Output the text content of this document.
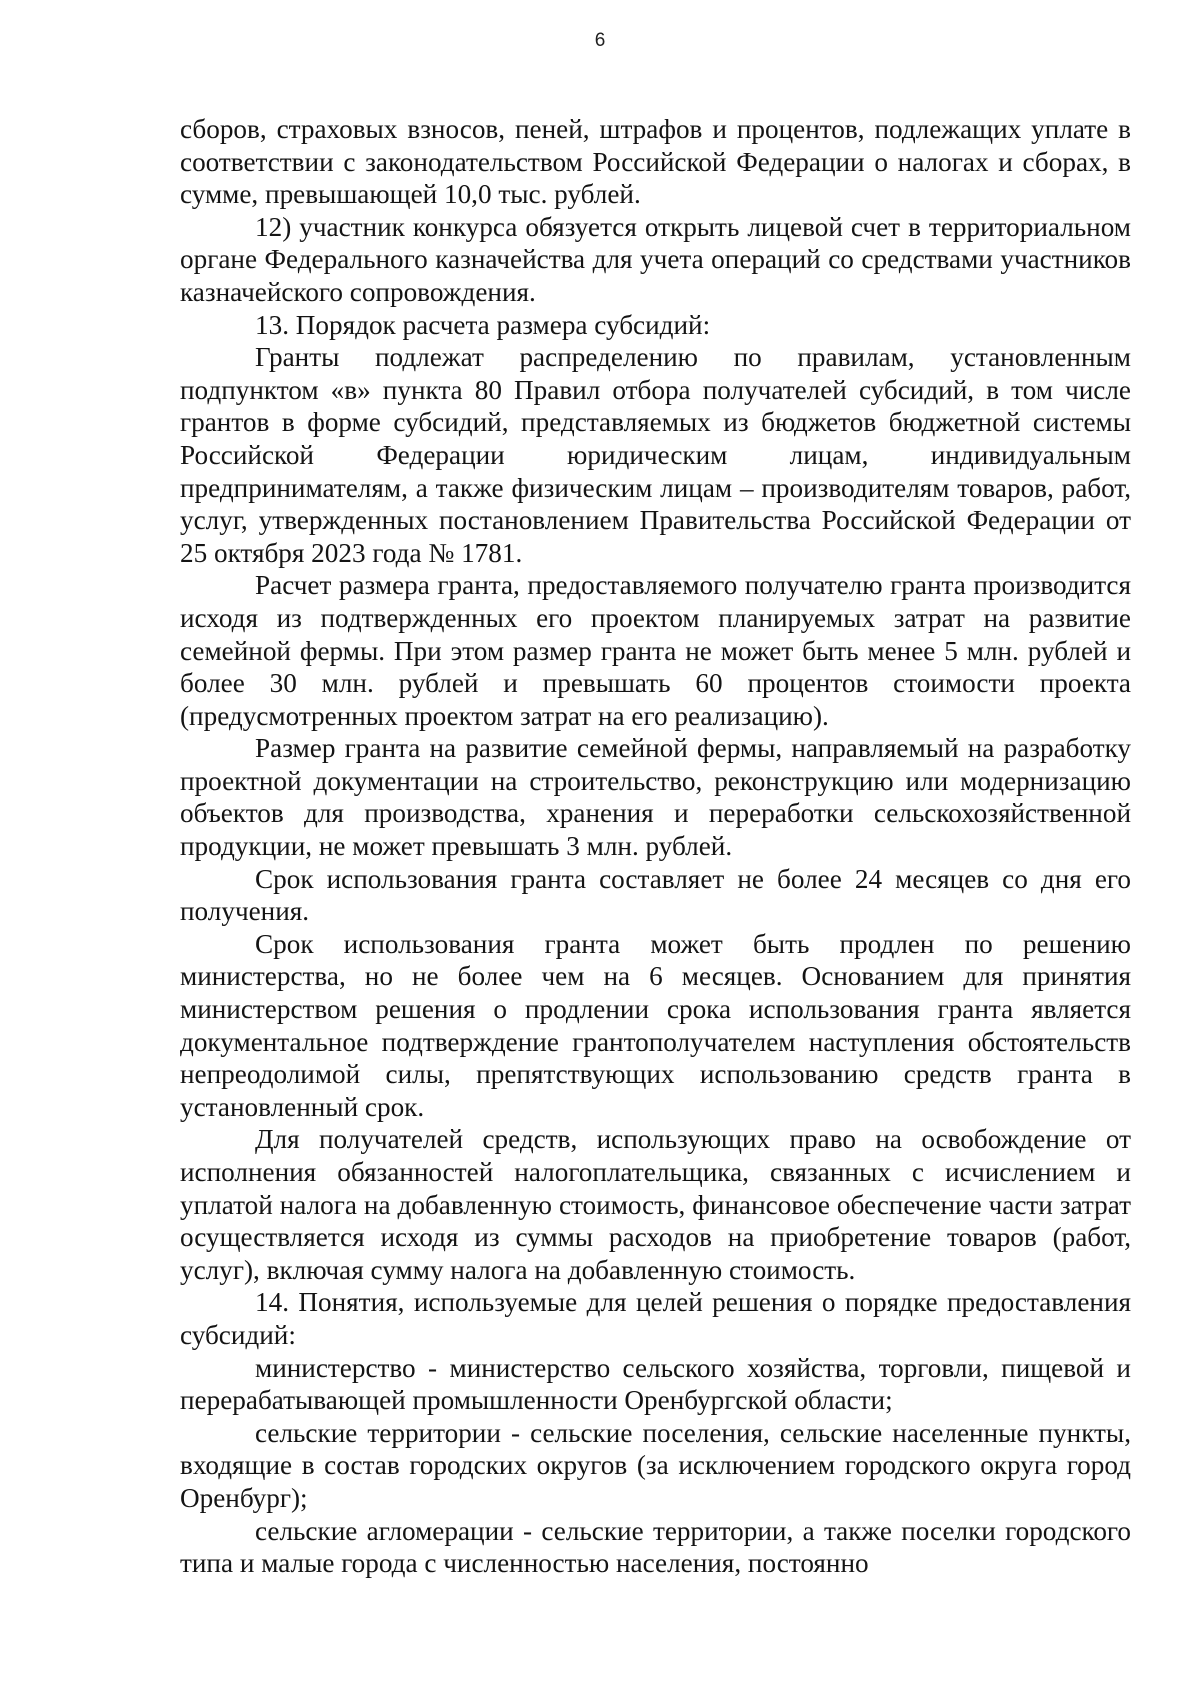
6

сборов, страховых взносов, пеней, штрафов и процентов, подлежащих уплате в соответствии с законодательством Российской Федерации о налогах и сборах, в сумме, превышающей 10,0 тыс. рублей.

12) участник конкурса обязуется открыть лицевой счет в территориальном органе Федерального казначейства для учета операций со средствами участников казначейского сопровождения.

13. Порядок расчета размера субсидий:

Гранты подлежат распределению по правилам, установленным подпунктом «в» пункта 80 Правил отбора получателей субсидий, в том числе грантов в форме субсидий, представляемых из бюджетов бюджетной системы Российской Федерации юридическим лицам, индивидуальным предпринимателям, а также физическим лицам – производителям товаров, работ, услуг, утвержденных постановлением Правительства Российской Федерации от 25 октября 2023 года № 1781.

Расчет размера гранта, предоставляемого получателю гранта производится исходя из подтвержденных его проектом планируемых затрат на развитие семейной фермы. При этом размер гранта не может быть менее 5 млн. рублей и более 30 млн. рублей и превышать 60 процентов стоимости проекта (предусмотренных проектом затрат на его реализацию).

Размер гранта на развитие семейной фермы, направляемый на разработку проектной документации на строительство, реконструкцию или модернизацию объектов для производства, хранения и переработки сельскохозяйственной продукции, не может превышать 3 млн. рублей.

Срок использования гранта составляет не более 24 месяцев со дня его получения.

Срок использования гранта может быть продлен по решению министерства, но не более чем на 6 месяцев. Основанием для принятия министерством решения о продлении срока использования гранта является документальное подтверждение грантополучателем наступления обстоятельств непреодолимой силы, препятствующих использованию средств гранта в установленный срок.

Для получателей средств, использующих право на освобождение от исполнения обязанностей налогоплательщика, связанных с исчислением и уплатой налога на добавленную стоимость, финансовое обеспечение части затрат осуществляется исходя из суммы расходов на приобретение товаров (работ, услуг), включая сумму налога на добавленную стоимость.

14. Понятия, используемые для целей решения о порядке предоставления субсидий:

министерство - министерство сельского хозяйства, торговли, пищевой и перерабатывающей промышленности Оренбургской области;

сельские территории - сельские поселения, сельские населенные пункты, входящие в состав городских округов (за исключением городского округа город Оренбург);

сельские агломерации - сельские территории, а также поселки городского типа и малые города с численностью населения, постоянно
